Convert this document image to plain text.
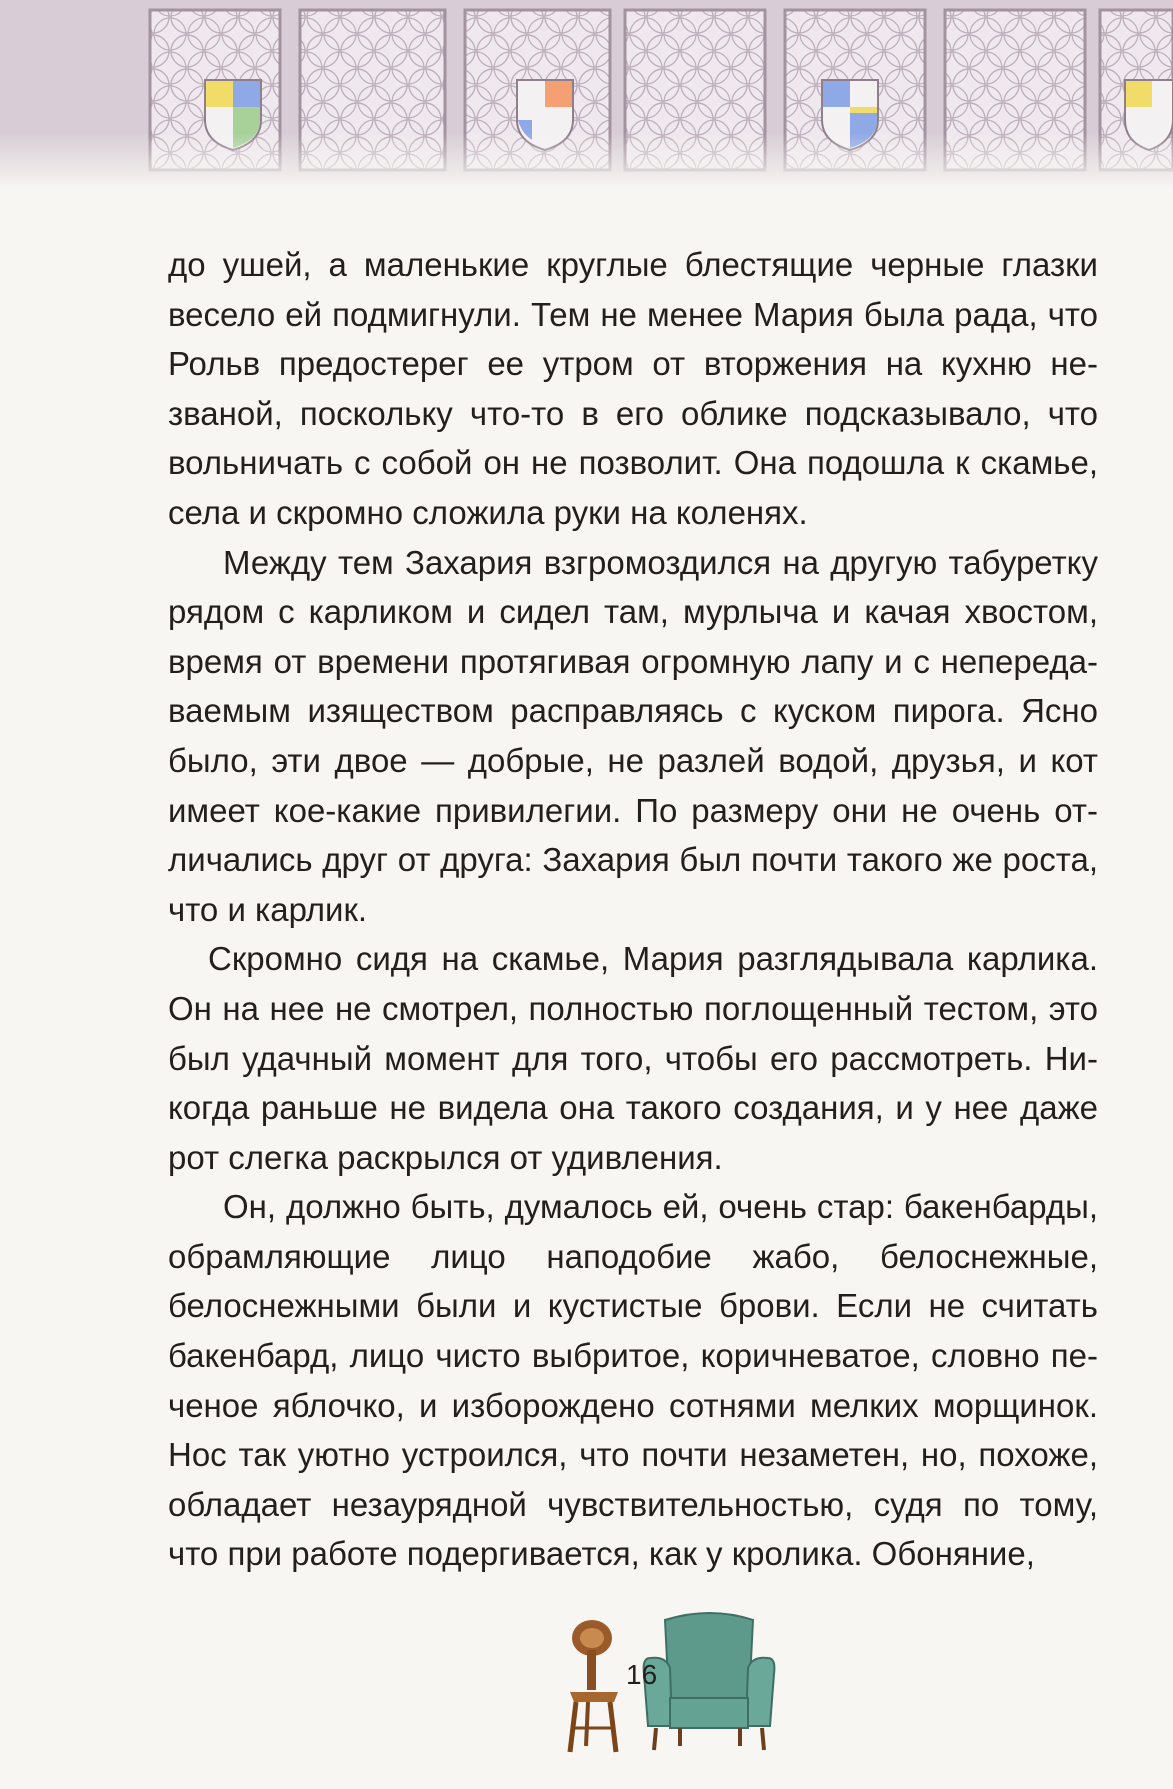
до ушей, а маленькие круглые блестящие черные глазки весело ей подмигнули. Тем не менее Мария была рада, что Рольв предостерег ее утром от вторжения на кухню незваной, поскольку что-то в его облике подсказывало, что вольничать с собой он не позволит. Она подошла к скамье, села и скромно сложила руки на коленях.

Между тем Захария взгромоздился на другую табуретку рядом с карликом и сидел там, мурлыча и качая хвостом, время от времени протягивая огромную лапу и с непередаваемым изяществом расправляясь с куском пирога. Ясно было, эти двое — добрые, не разлей водой, друзья, и кот имеет кое-какие привилегии. По размеру они не очень отличались друг от друга: Захария был почти такого же роста, что и карлик.

Скромно сидя на скамье, Мария разглядывала карлика. Он на нее не смотрел, полностью поглощенный тестом, это был удачный момент для того, чтобы его рассмотреть. Никогда раньше не видела она такого создания, и у нее даже рот слегка раскрылся от удивления.

Он, должно быть, думалось ей, очень стар: бакенбарды, обрамляющие лицо наподобие жабо, белоснежные, белоснежными были и кустистые брови. Если не считать бакенбард, лицо чисто выбритое, коричневатое, словно печеное яблочко, и изборождено сотнями мелких морщинок. Нос так уютно устроился, что почти незаметен, но, похоже, обладает незаурядной чувствительностью, судя по тому, что при работе подергивается, как у кролика. Обоняние,

16
